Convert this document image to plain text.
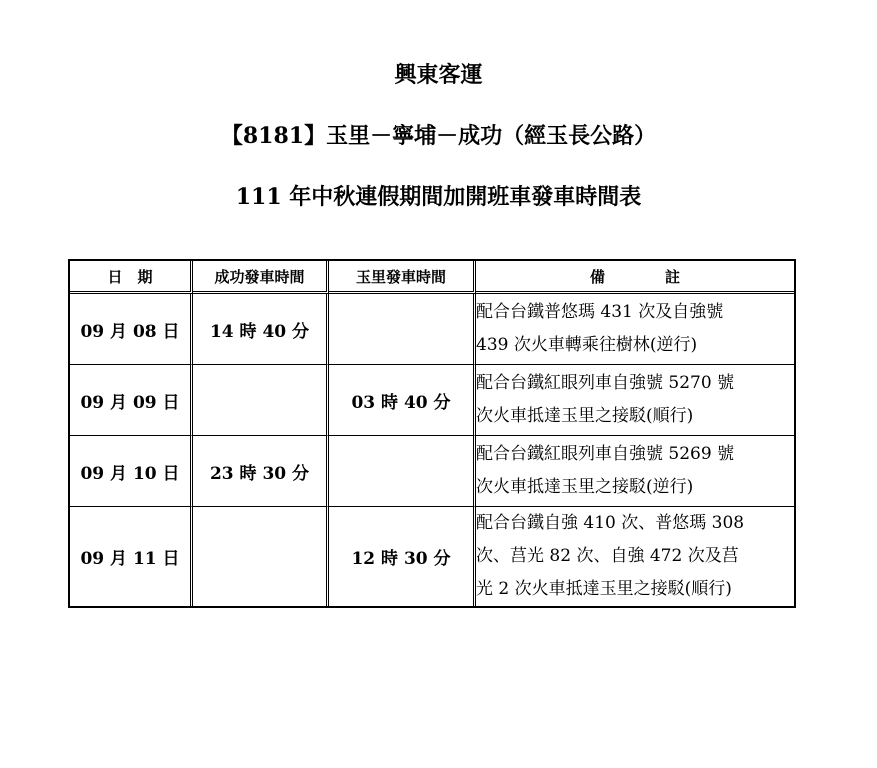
興東客運
【8181】玉里－寧埔－成功（經玉長公路）
111 年中秋連假期間加開班車發車時間表
日　期	成功發車時間	玉里發車時間	備　　　　註
09 月 08 日	14 時 40 分		配合台鐵普悠瑪 431 次及自強號
439 次火車轉乘往樹林(逆行)

09 月 09 日		03 時 40 分	配合台鐵紅眼列車自強號 5270 號
次火車抵達玉里之接駁(順行)

09 月 10 日	23 時 30 分		配合台鐵紅眼列車自強號 5269 號
次火車抵達玉里之接駁(逆行)

09 月 11 日		12 時 30 分	配合台鐵自強 410 次、普悠瑪 308
次、莒光 82 次、自強 472 次及莒
光 2 次火車抵達玉里之接駁(順行)
